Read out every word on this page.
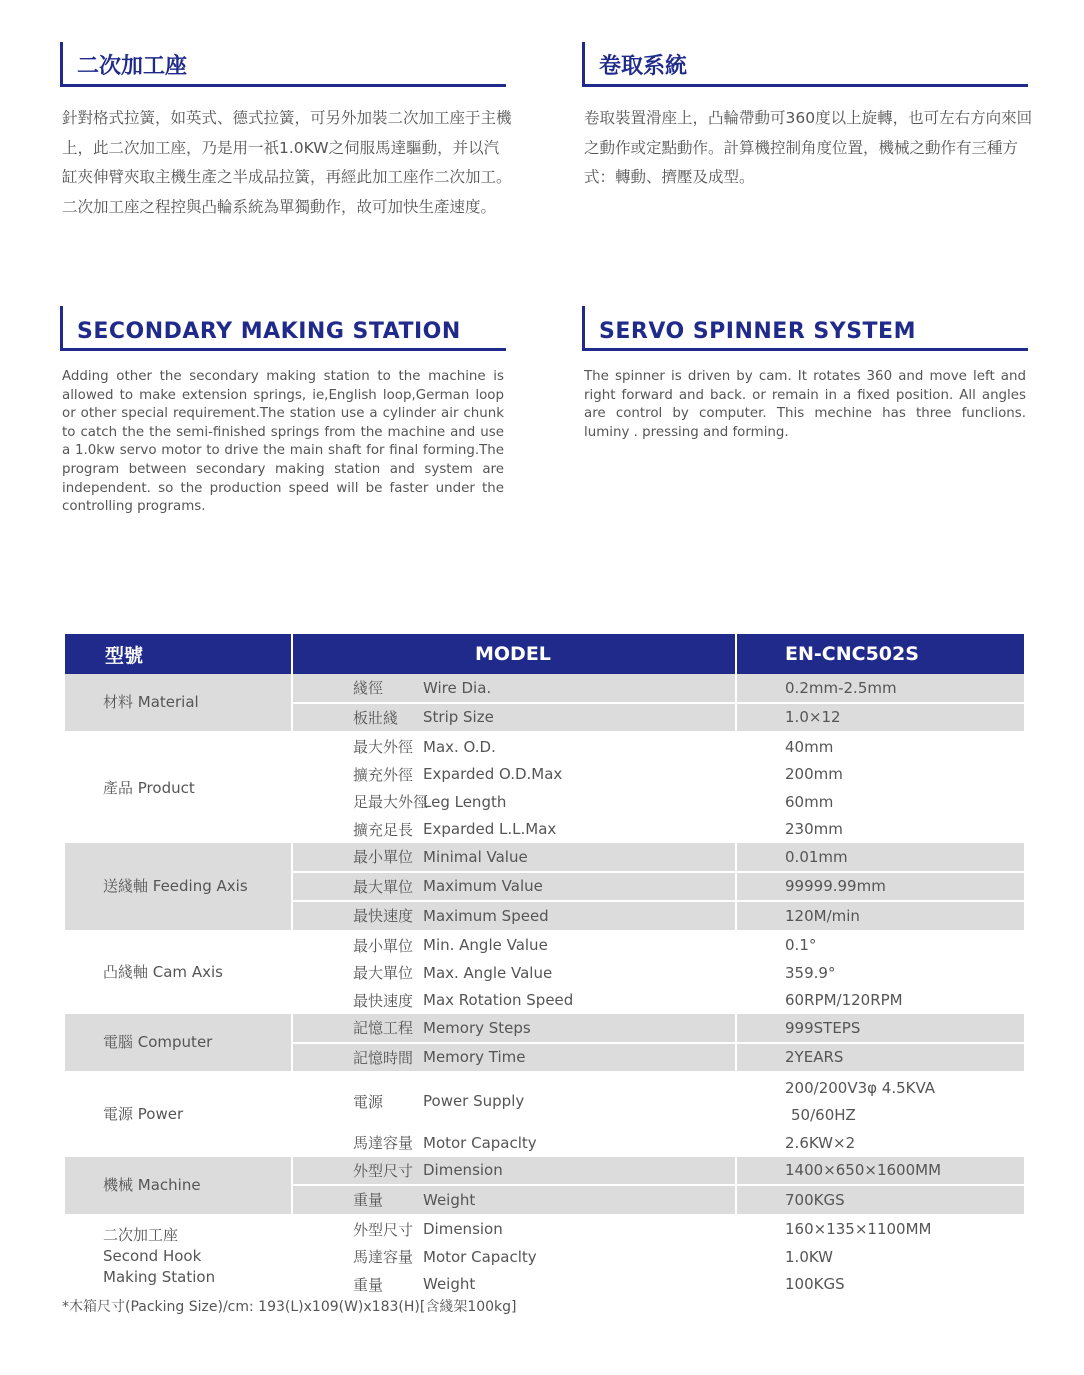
二次加工座	卷取系統

針對格式拉簧，如英式、德式拉簧，可另外加裝二次加工座于主機上，此二次加工座，乃是用一祇1.0KW之伺服馬達驅動，并以汽缸夾伸臂夾取主機生產之半成品拉簧，再經此加工座作二次加工。二次加工座之程控與凸輪系統為單獨動作，故可加快生產速度。

卷取裝置滑座上，凸輪帶動可360度以上旋轉，也可左右方向來回之動作或定點動作。計算機控制角度位置，機械之動作有三種方式：轉動、擠壓及成型。

SECONDARY MAKING STATION	SERVO SPINNER SYSTEM

Adding other the secondary making station to the machine is allowed to make extension springs, ie,English loop,German loop or other special requirement.The station use a cylinder air chunk to catch the the semi-finished springs from the machine and use a 1.0kw servo motor to drive the main shaft for final forming.The program between secondary making station and system are independent. so the production speed will be faster under the controlling programs.

The spinner is driven by cam. It rotates 360 and move left and right forward and back. or remain in a fixed position. All angles are control by computer. This mechine has three funclions. luminy . pressing and forming.

型號	MODEL		EN-CNC502S
材料 Material	綫徑	Wire Dia.	0.2mm-2.5mm
	板壯綫	Strip Size	1.0×12
產品 Product	最大外徑	Max. O.D.	40mm
	擴充外徑	Exparded O.D.Max	200mm
	足最大外徑	Leg Length	60mm
	擴充足長	Exparded L.L.Max	230mm
送綫軸 Feeding Axis	最小單位	Minimal Value	0.01mm
	最大單位	Maximum Value	99999.99mm
	最快速度	Maximum Speed	120M/min
凸綫軸 Cam Axis	最小單位	Min. Angle Value	0.1°
	最大單位	Max. Angle Value	359.9°
	最快速度	Max Rotation Speed	60RPM/120RPM
電腦 Computer	記憶工程	Memory Steps	999STEPS
	記憶時間	Memory Time	2YEARS
電源 Power	電源	Power Supply	200/200V3φ 4.5KVA
50/60HZ

	馬達容量	Motor Capaclty	2.6KW×2
機械 Machine	外型尺寸	Dimension	1400×650×1600MM
	重量	Weight	700KGS
二次加工座
Second Hook
Making Station	外型尺寸	Dimension	160×135×1100MM
	馬達容量	Motor Capaclty	1.0KW
	重量	Weight	100KGS
*木箱尺寸(Packing Size)/cm: 193(L)x109(W)x183(H)[含綫架100kg]
